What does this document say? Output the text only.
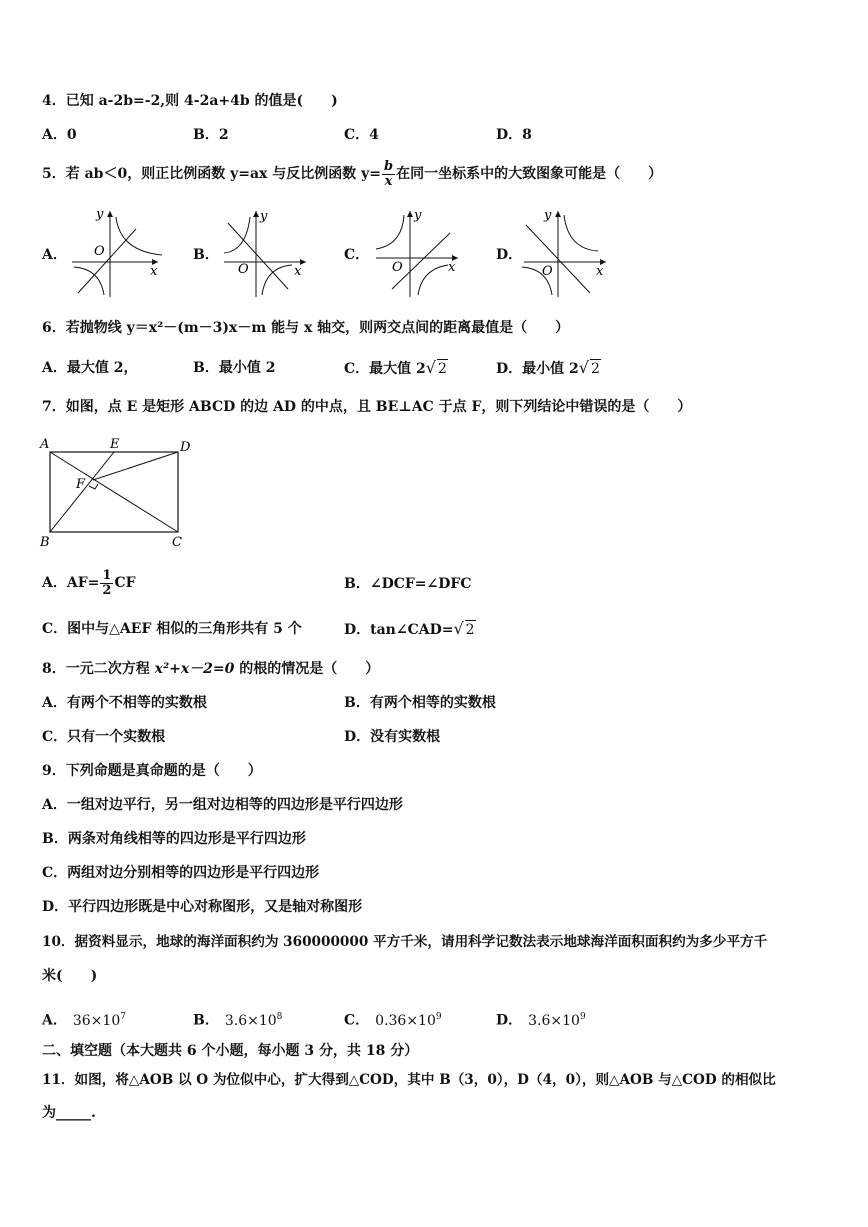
4．已知 a-2b=-2,则 4-2a+4b 的值是(　　)
A．0	B．2	C．4	D．8
5．若 ab＜0，则正比例函数 y=ax 与反比例函数 $y= \frac{b}{x}$ 在同一坐标系中的大致图象可能是（　　）
A．	B．	C．	D．
y
x
O
y
x
O
y
x
O
y
x
O
6．若抛物线 y＝x²－(m－3)x－m 能与 x 轴交，则两交点间的距离最值是（　　）
A．最大值 2，	B．最小值 2	C．最大值 2√ 2	D．最小值 2√ 2
7．如图，点 E 是矩形 ABCD 的边 AD 的中点，且 BE⊥AC 于点 F，则下列结论中错误的是（　　）
A	E	D
F
B	C
A．$AF= \frac{1}{2}$ CF	B．∠DCF=∠DFC
C．图中与△AEF 相似的三角形共有 5 个	D．tan∠CAD=√ 2
8．一元二次方程 x²+x－2=0 的根的情况是（　　）
A．有两个不相等的实数根	B．有两个相等的实数根
C．只有一个实数根	D．没有实数根
9．下列命题是真命题的是（　　）
A．一组对边平行，另一组对边相等的四边形是平行四边形
B．两条对角线相等的四边形是平行四边形
C．两组对边分别相等的四边形是平行四边形
D．平行四边形既是中心对称图形，又是轴对称图形
10．据资料显示，地球的海洋面积约为 360000000 平方千米，请用科学记数法表示地球海洋面积面积约为多少平方千
米(　　)
A． $36\times 10^7$	B． $3.6\times 10^8$	C． $0.36\times 10^9$	D． $3.6\times 10^9$
二、填空题（本大题共 6 个小题，每小题 3 分，共 18 分）
11．如图，将△AOB 以 O 为位似中心，扩大得到△COD，其中 B（3，0），D（4，0），则△AOB 与△COD 的相似比
为_____.
